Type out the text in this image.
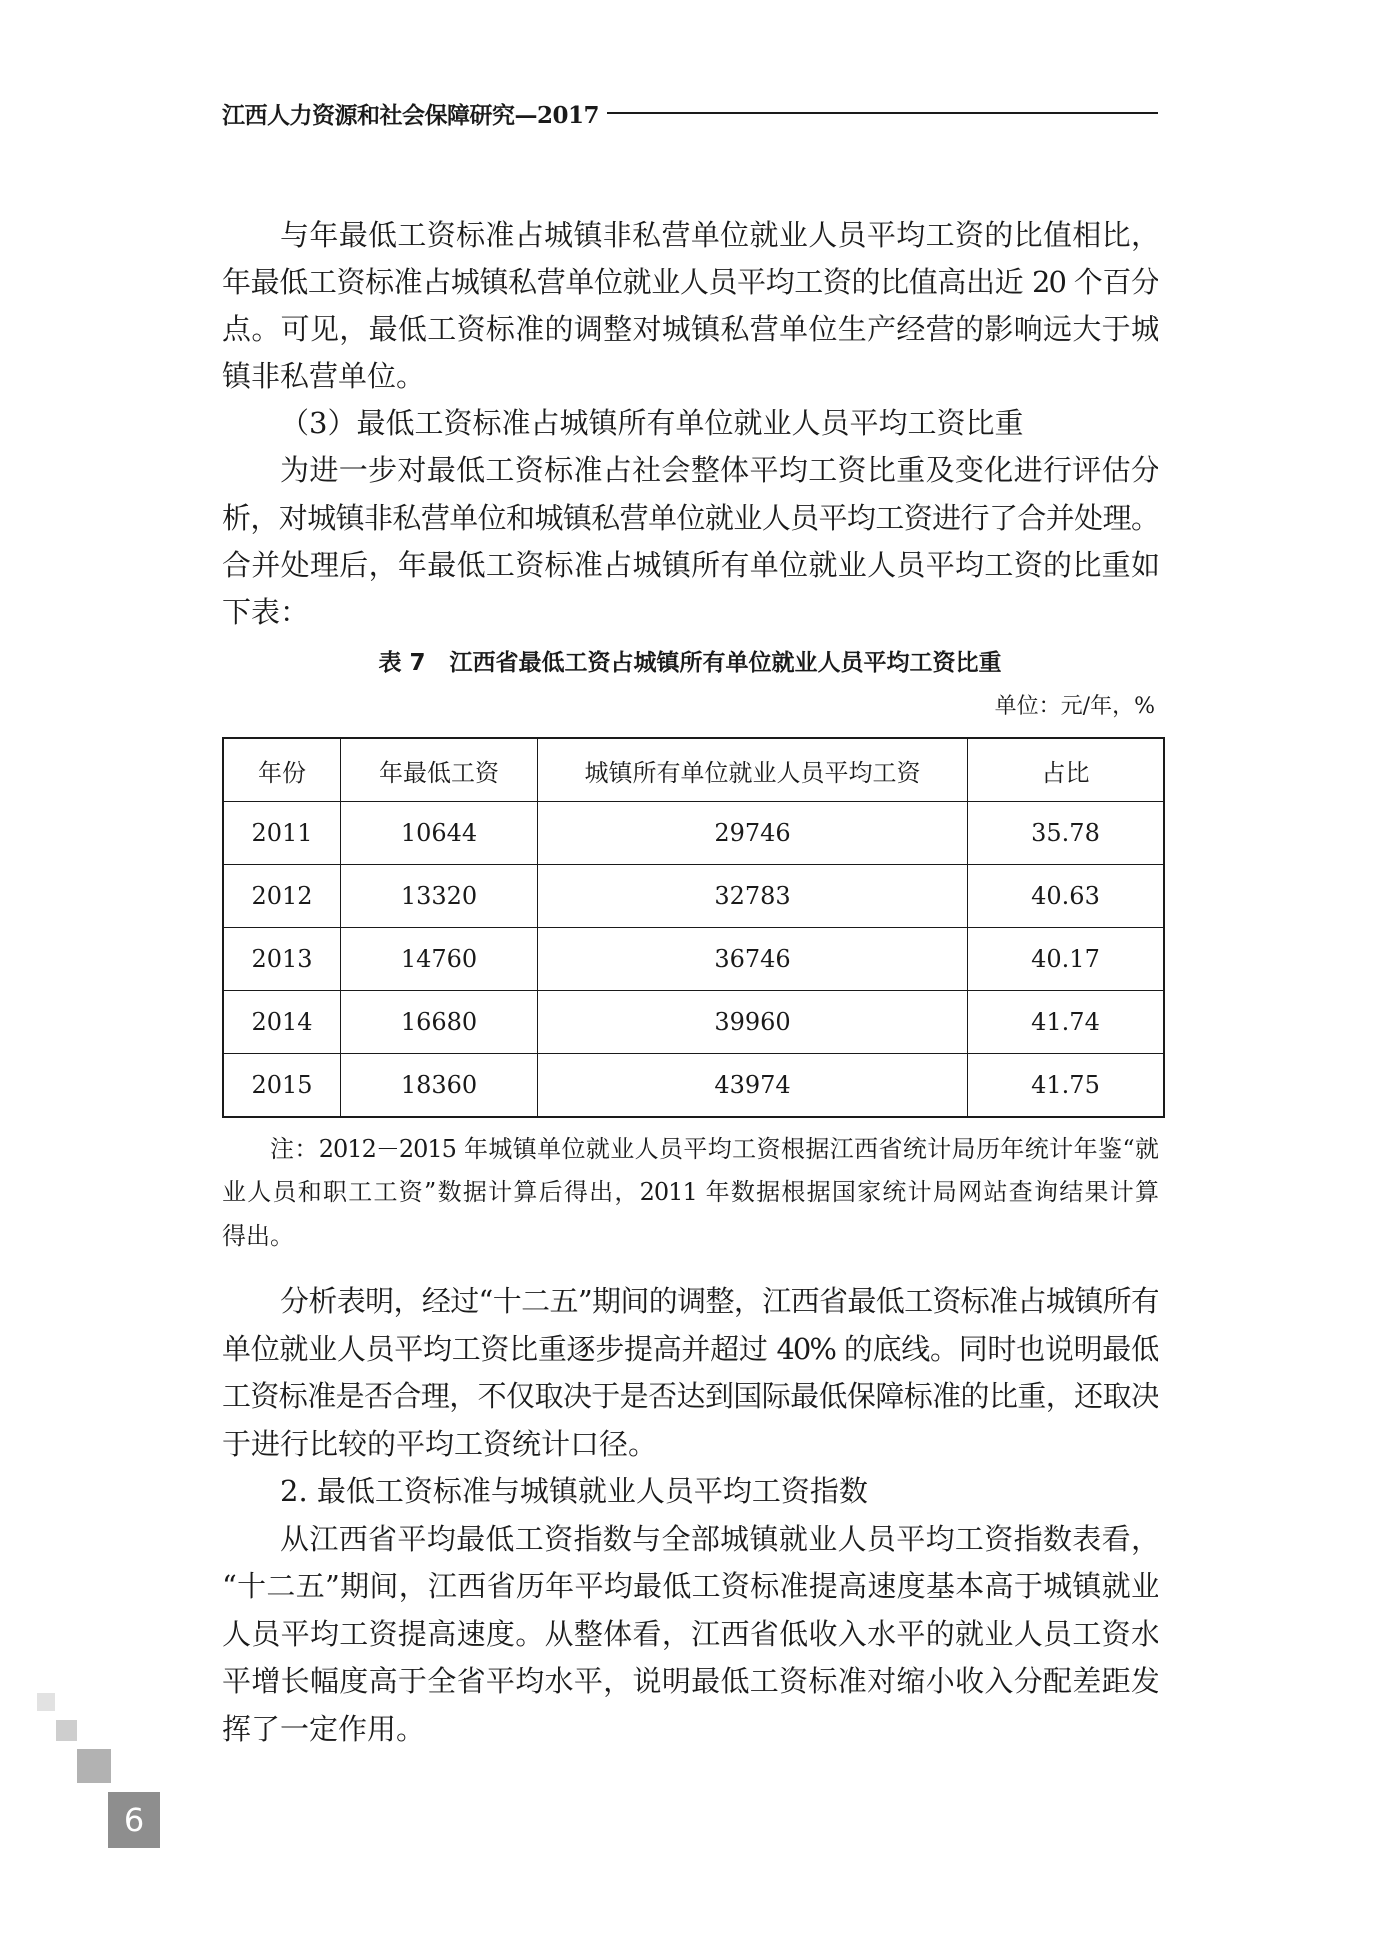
江西人力资源和社会保障研究—2017
与年最低工资标准占城镇非私营单位就业人员平均工资的比值相比，
年最低工资标准占城镇私营单位就业人员平均工资的比值高出近 20 个百分
点。可见，最低工资标准的调整对城镇私营单位生产经营的影响远大于城
镇非私营单位。
（3）最低工资标准占城镇所有单位就业人员平均工资比重
为进一步对最低工资标准占社会整体平均工资比重及变化进行评估分
析，对城镇非私营单位和城镇私营单位就业人员平均工资进行了合并处理。
合并处理后，年最低工资标准占城镇所有单位就业人员平均工资的比重如
下表：
表 7 江西省最低工资占城镇所有单位就业人员平均工资比重
单位：元/年，%
年份	年最低工资	城镇所有单位就业人员平均工资	占比
2011	10644	29746	35.78
2012	13320	32783	40.63
2013	14760	36746	40.17
2014	16680	39960	41.74
2015	18360	43974	41.75
注：2012－2015 年城镇单位就业人员平均工资根据江西省统计局历年统计年鉴“就
业人员和职工工资”数据计算后得出，2011 年数据根据国家统计局网站查询结果计算
得出。
分析表明，经过“十二五”期间的调整，江西省最低工资标准占城镇所有
单位就业人员平均工资比重逐步提高并超过 40% 的底线。同时也说明最低
工资标准是否合理，不仅取决于是否达到国际最低保障标准的比重，还取决
于进行比较的平均工资统计口径。
2. 最低工资标准与城镇就业人员平均工资指数
从江西省平均最低工资指数与全部城镇就业人员平均工资指数表看，
“十二五”期间，江西省历年平均最低工资标准提高速度基本高于城镇就业
人员平均工资提高速度。从整体看，江西省低收入水平的就业人员工资水
平增长幅度高于全省平均水平，说明最低工资标准对缩小收入分配差距发
挥了一定作用。
6
